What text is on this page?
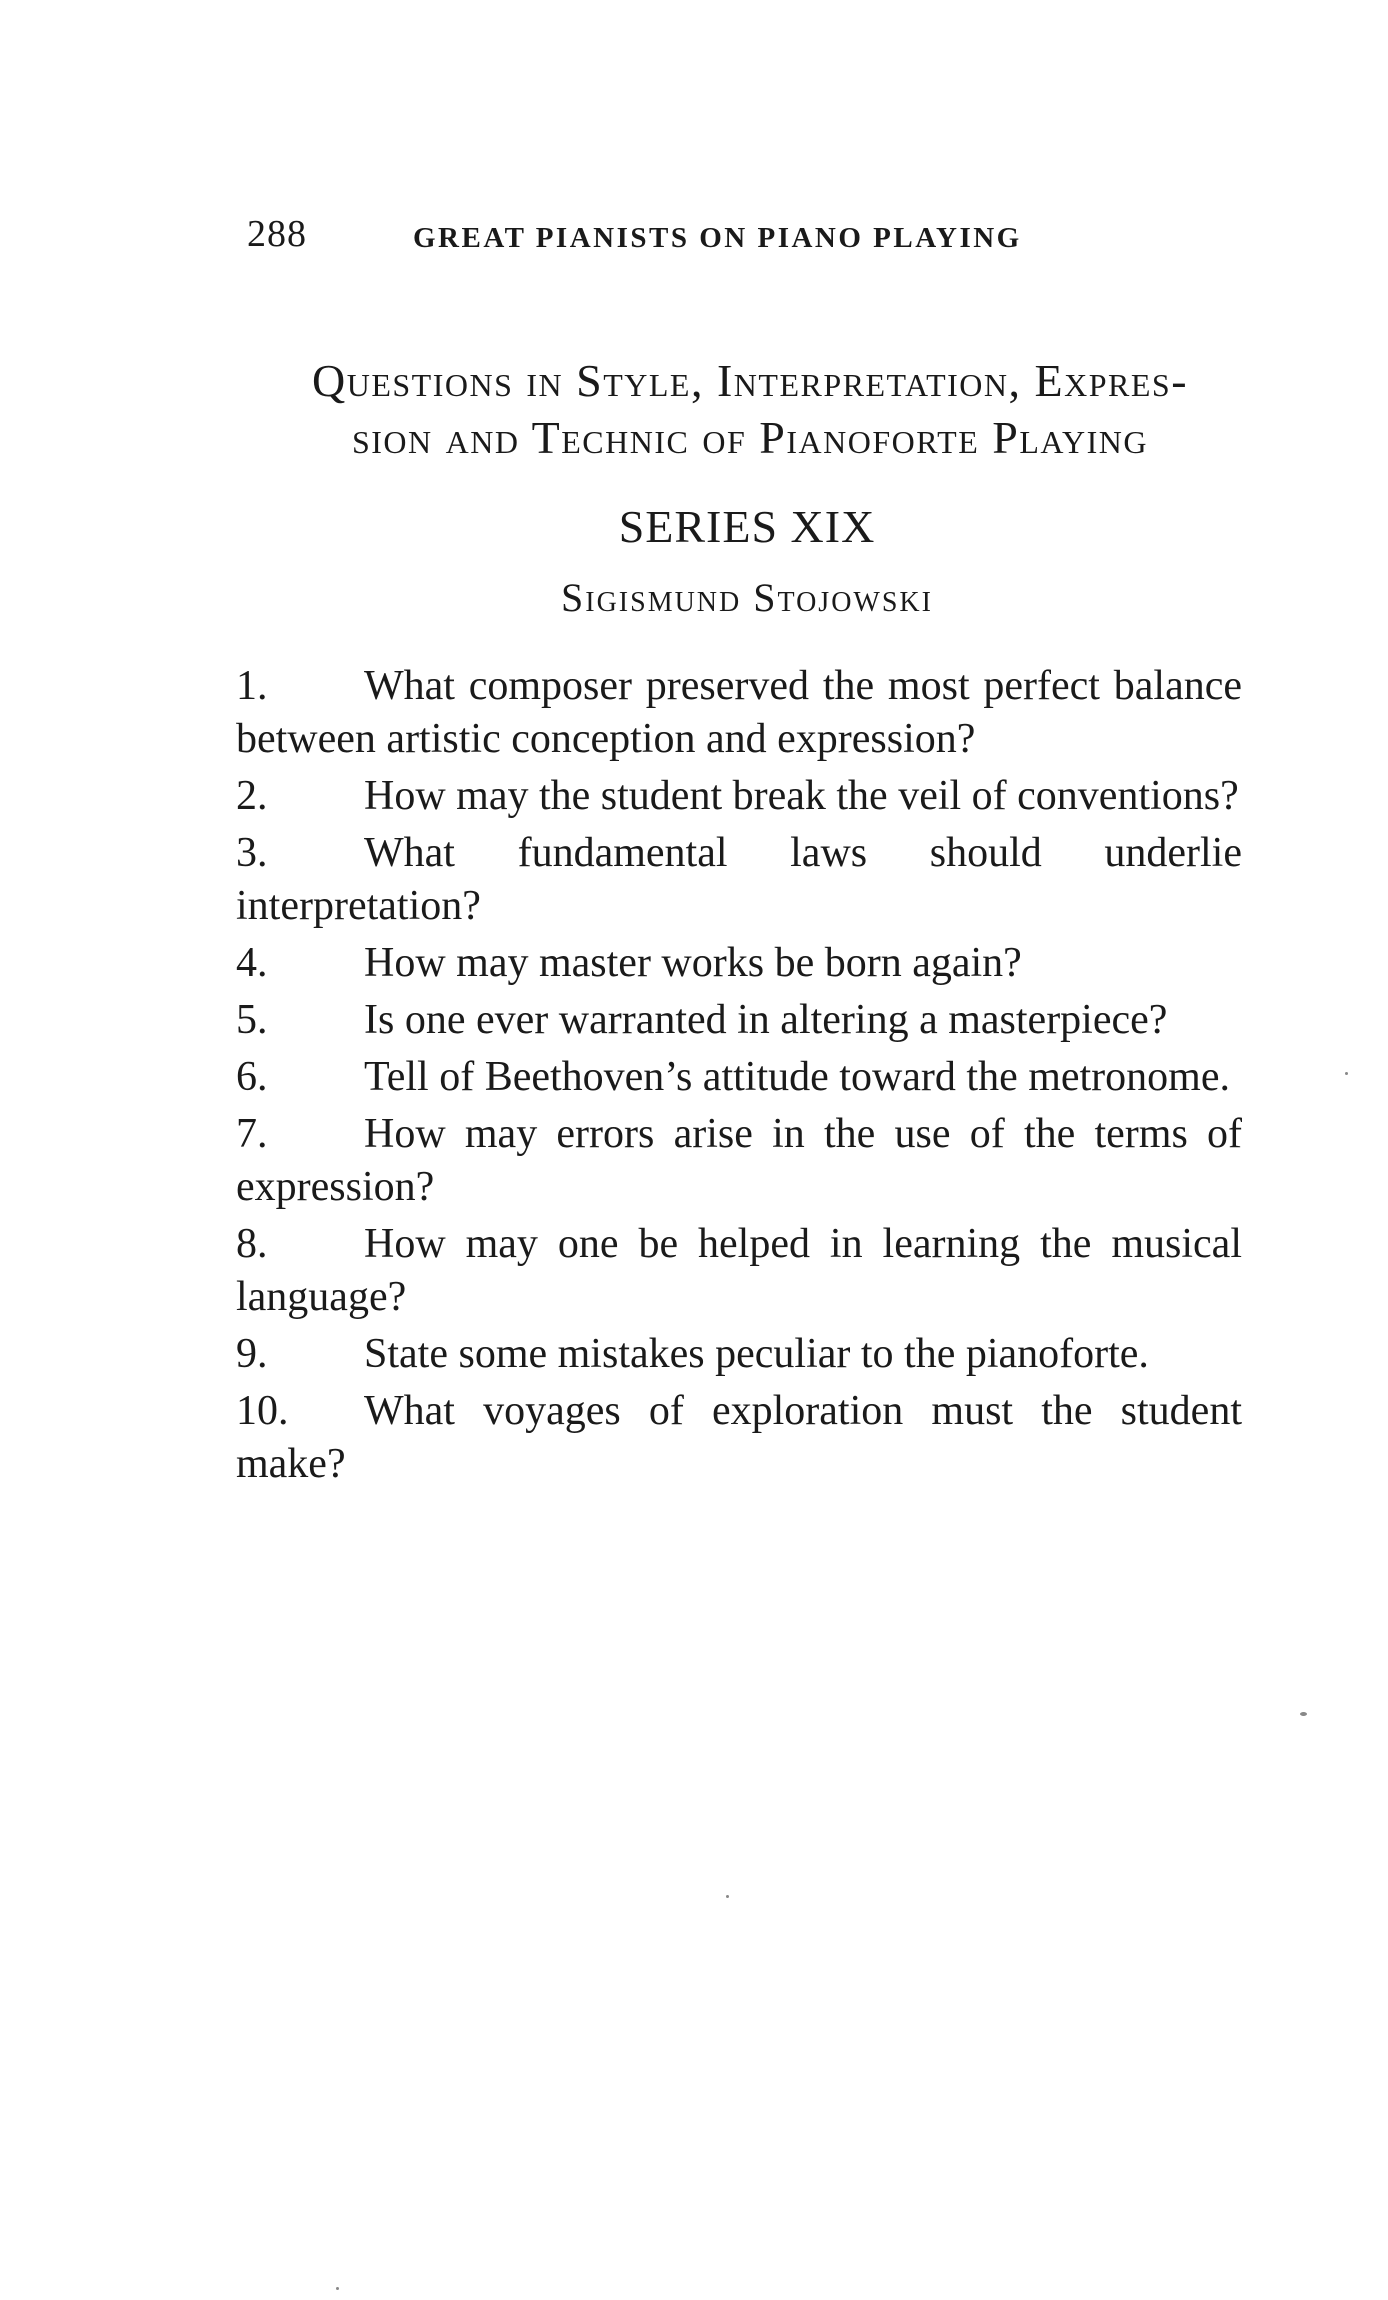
288	GREAT PIANISTS ON PIANO PLAYING
Questions in Style, Interpretation, Expres-
sion and Technic of Pianoforte Playing
SERIES XIX
Sigismund Stojowski
1. What composer preserved the most perfect balance between artistic conception and expression?
2. How may the student break the veil of conventions?
3. What fundamental laws should underlie interpretation?
4. How may master works be born again?
5. Is one ever warranted in altering a masterpiece?
6. Tell of Beethoven’s attitude toward the metronome.
7. How may errors arise in the use of the terms of expression?
8. How may one be helped in learning the musical language?
9. State some mistakes peculiar to the pianoforte.
10. What voyages of exploration must the student make?
